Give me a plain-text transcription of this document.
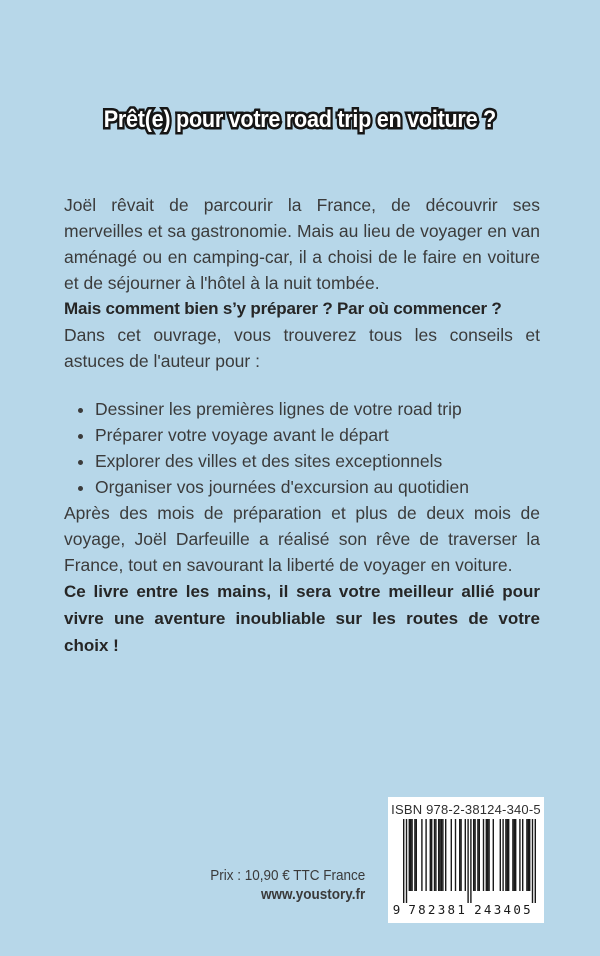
Prêt(e) pour votre road trip en voiture ?

Joël rêvait de parcourir la France, de découvrir ses merveilles et sa gastronomie. Mais au lieu de voyager en van aménagé ou en camping-car, il a choisi de le faire en voiture et de séjourner à l'hôtel à la nuit tombée.

Mais comment bien s’y préparer ? Par où commencer ?

Dans cet ouvrage, vous trouverez tous les conseils et astuces de l'auteur pour :

• Dessiner les premières lignes de votre road trip
• Préparer votre voyage avant le départ
• Explorer des villes et des sites exceptionnels
• Organiser vos journées d'excursion au quotidien

Après des mois de préparation et plus de deux mois de voyage, Joël Darfeuille a réalisé son rêve de traverser la France, tout en savourant la liberté de voyager en voiture.

Ce livre entre les mains, il sera votre meilleur allié pour vivre une aventure inoubliable sur les routes de votre choix !

Prix : 10,90 € TTC France
www.youstory.fr
ISBN 978-2-38124-340-5
9 7 8 2 3 8 1 2 4 3 4 0 5
